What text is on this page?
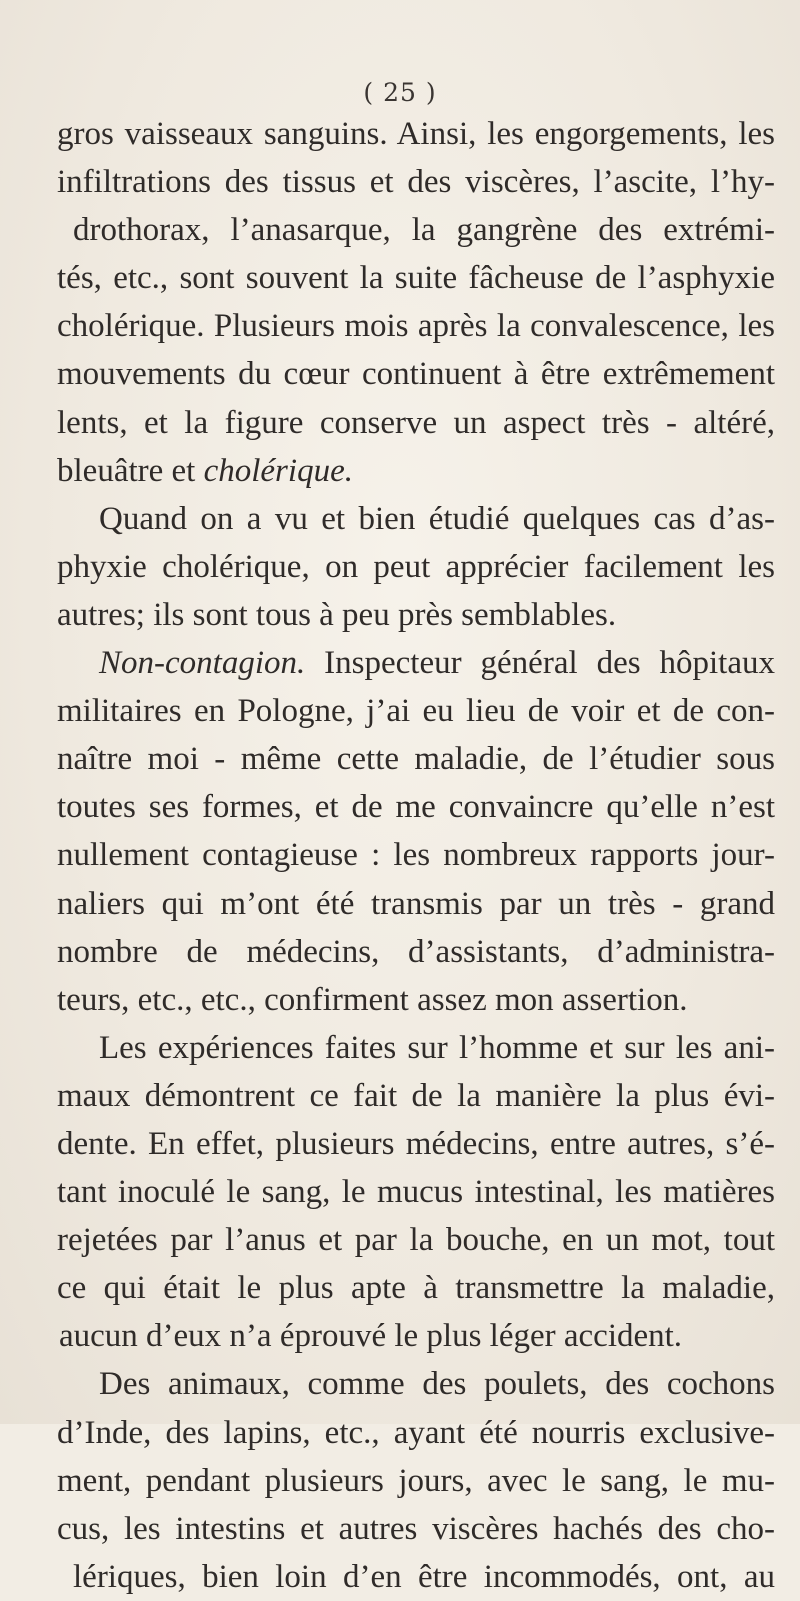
( 25 )
gros vaisseaux sanguins. Ainsi, les engorgements, les
infiltrations des tissus et des viscères, l’ascite, l’hy-
drothorax, l’anasarque, la gangrène des extrémi-
tés, etc., sont souvent la suite fâcheuse de l’asphyxie
cholérique. Plusieurs mois après la convalescence, les
mouvements du cœur continuent à être extrêmement
lents, et la figure conserve un aspect très - altéré,
bleuâtre et cholérique.
Quand on a vu et bien étudié quelques cas d’as-
phyxie cholérique, on peut apprécier facilement les
autres; ils sont tous à peu près semblables.
Non-contagion. Inspecteur général des hôpitaux
militaires en Pologne, j’ai eu lieu de voir et de con-
naître moi - même cette maladie, de l’étudier sous
toutes ses formes, et de me convaincre qu’elle n’est
nullement contagieuse : les nombreux rapports jour-
naliers qui m’ont été transmis par un très - grand
nombre de médecins, d’assistants, d’administra-
teurs, etc., etc., confirment assez mon assertion.
Les expériences faites sur l’homme et sur les ani-
maux démontrent ce fait de la manière la plus évi-
dente. En effet, plusieurs médecins, entre autres, s’é-
tant inoculé le sang, le mucus intestinal, les matières
rejetées par l’anus et par la bouche, en un mot, tout
ce qui était le plus apte à transmettre la maladie,
aucun d’eux n’a éprouvé le plus léger accident.
Des animaux, comme des poulets, des cochons
d’Inde, des lapins, etc., ayant été nourris exclusive-
ment, pendant plusieurs jours, avec le sang, le mu-
cus, les intestins et autres viscères hachés des cho-
lériques, bien loin d’en être incommodés, ont, au
